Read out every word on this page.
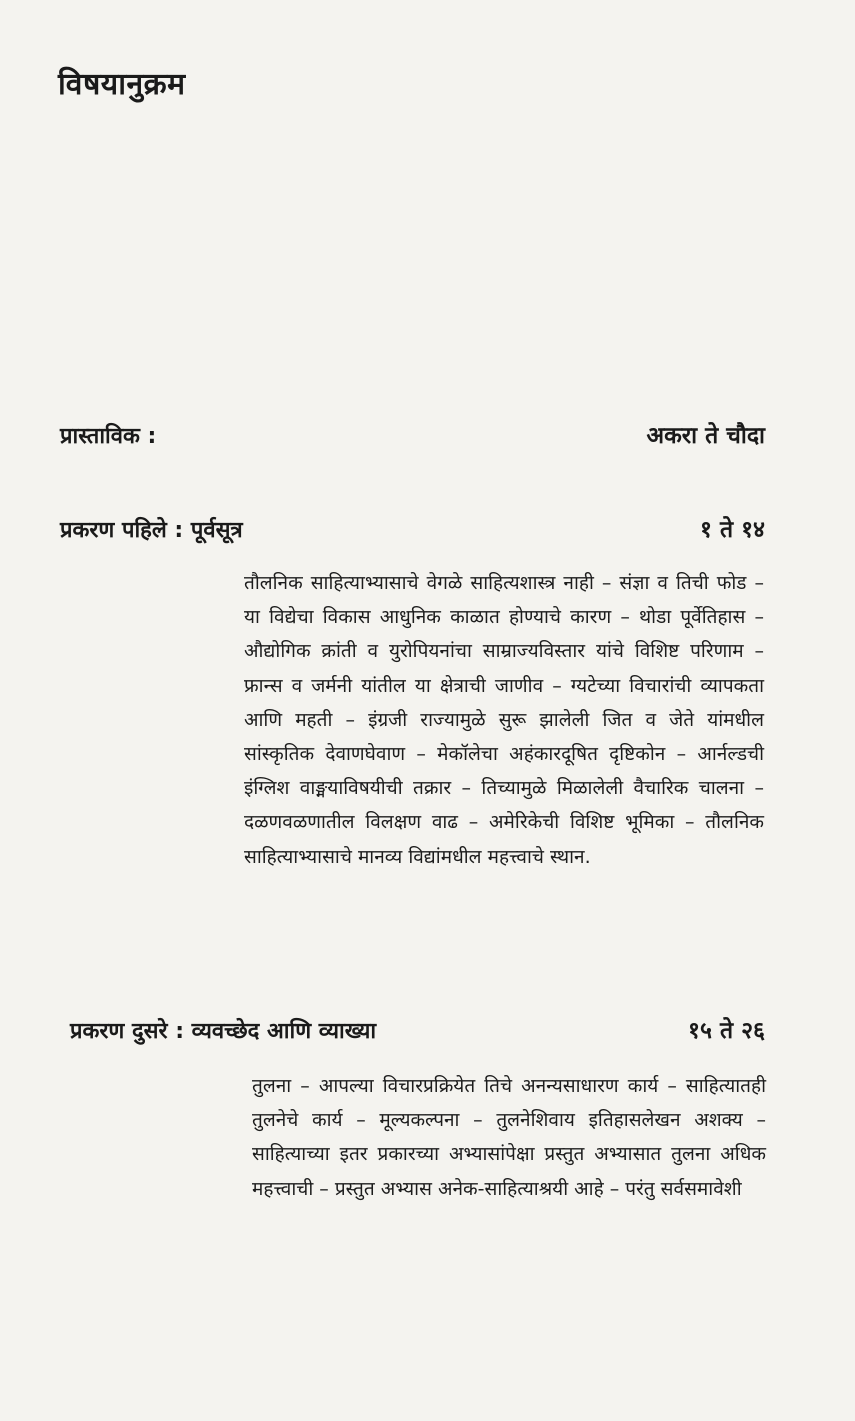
विषयानुक्रम
प्रास्ताविक :	अकरा ते चौदा
प्रकरण पहिले : पूर्वसूत्र	१ ते १४
तौलनिक साहित्याभ्यासाचे वेगळे साहित्यशास्त्र नाही – संज्ञा व तिची फोड – या विद्येचा विकास आधुनिक काळात होण्याचे कारण – थोडा पूर्वेतिहास – औद्योगिक क्रांती व युरोपियनांचा साम्राज्यविस्तार यांचे विशिष्ट परिणाम – फ्रान्स व जर्मनी यांतील या क्षेत्राची जाणीव – ग्यटेच्या विचारांची व्यापकता आणि महती – इंग्रजी राज्यामुळे सुरू झालेली जित व जेते यांमधील सांस्कृतिक देवाणघेवाण – मेकॉलेचा अहंकारदूषित दृष्टिकोन – आर्नल्डची इंग्लिश वाङ्मयाविषयीची तक्रार – तिच्यामुळे मिळालेली वैचारिक चालना – दळणवळणातील विलक्षण वाढ – अमेरिकेची विशिष्ट भूमिका – तौलनिक साहित्याभ्यासाचे मानव्य विद्यांमधील महत्त्वाचे स्थान.
प्रकरण दुसरे : व्यवच्छेद आणि व्याख्या	१५ ते २६
तुलना – आपल्या विचारप्रक्रियेत तिचे अनन्यसाधारण कार्य – साहित्यातही तुलनेचे कार्य – मूल्यकल्पना – तुलनेशिवाय इतिहासलेखन अशक्य – साहित्याच्या इतर प्रकारच्या अभ्यासांपेक्षा प्रस्तुत अभ्यासात तुलना अधिक महत्त्वाची – प्रस्तुत अभ्यास अनेक-साहित्याश्रयी आहे – परंतु सर्वसमावेशी
